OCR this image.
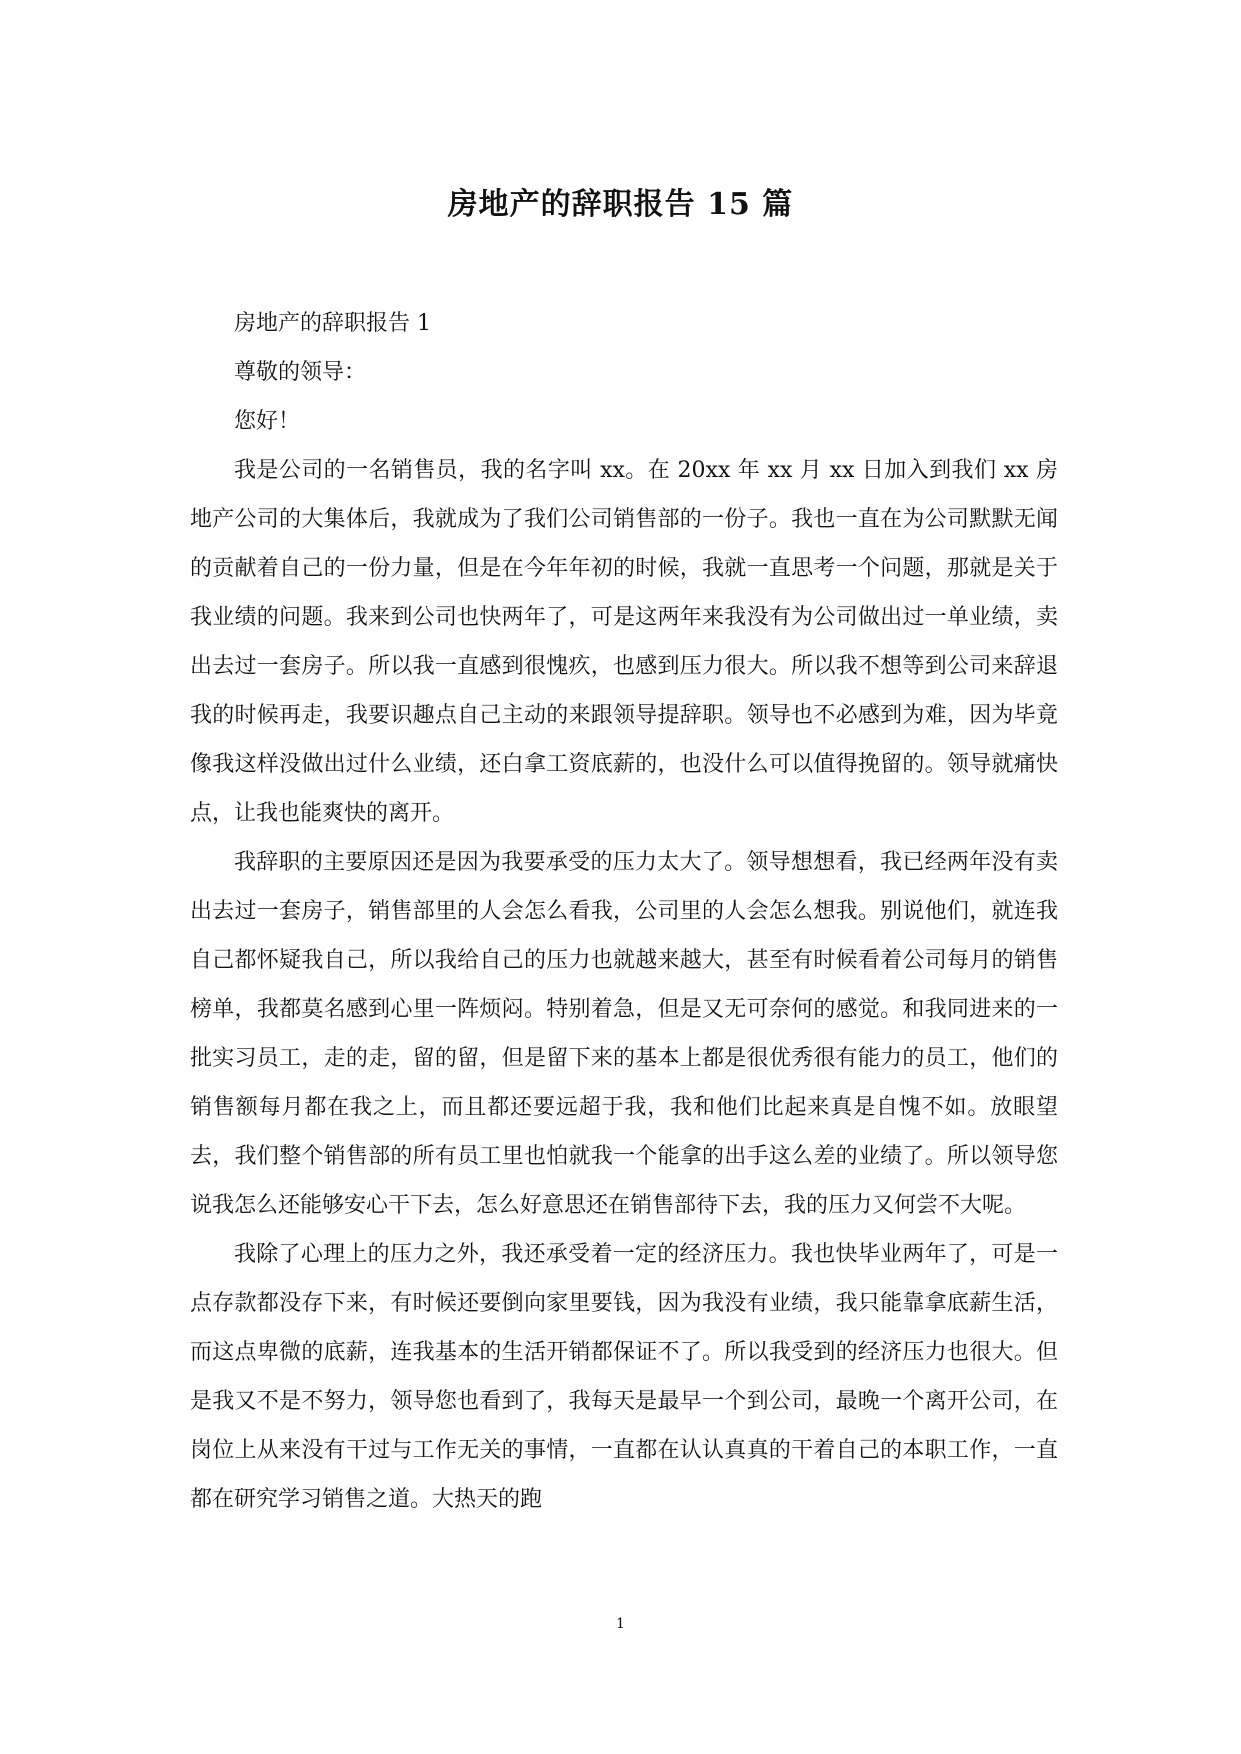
房地产的辞职报告 15 篇

房地产的辞职报告 1

尊敬的领导：

您好！

我是公司的一名销售员，我的名字叫 xx。在 20xx 年 xx 月 xx 日加入到我们 xx 房地产公司的大集体后，我就成为了我们公司销售部的一份子。我也一直在为公司默默无闻的贡献着自己的一份力量，但是在今年年初的时候，我就一直思考一个问题，那就是关于我业绩的问题。我来到公司也快两年了，可是这两年来我没有为公司做出过一单业绩，卖出去过一套房子。所以我一直感到很愧疚，也感到压力很大。所以我不想等到公司来辞退我的时候再走，我要识趣点自己主动的来跟领导提辞职。领导也不必感到为难，因为毕竟像我这样没做出过什么业绩，还白拿工资底薪的，也没什么可以值得挽留的。领导就痛快点，让我也能爽快的离开。

我辞职的主要原因还是因为我要承受的压力太大了。领导想想看，我已经两年没有卖出去过一套房子，销售部里的人会怎么看我，公司里的人会怎么想我。别说他们，就连我自己都怀疑我自己，所以我给自己的压力也就越来越大，甚至有时候看着公司每月的销售榜单，我都莫名感到心里一阵烦闷。特别着急，但是又无可奈何的感觉。和我同进来的一批实习员工，走的走，留的留，但是留下来的基本上都是很优秀很有能力的员工，他们的销售额每月都在我之上，而且都还要远超于我，我和他们比起来真是自愧不如。放眼望去，我们整个销售部的所有员工里也怕就我一个能拿的出手这么差的业绩了。所以领导您说我怎么还能够安心干下去，怎么好意思还在销售部待下去，我的压力又何尝不大呢。

我除了心理上的压力之外，我还承受着一定的经济压力。我也快毕业两年了，可是一点存款都没存下来，有时候还要倒向家里要钱，因为我没有业绩，我只能靠拿底薪生活，而这点卑微的底薪，连我基本的生活开销都保证不了。所以我受到的经济压力也很大。但是我又不是不努力，领导您也看到了，我每天是最早一个到公司，最晚一个离开公司，在岗位上从来没有干过与工作无关的事情，一直都在认认真真的干着自己的本职工作，一直都在研究学习销售之道。大热天的跑

1
